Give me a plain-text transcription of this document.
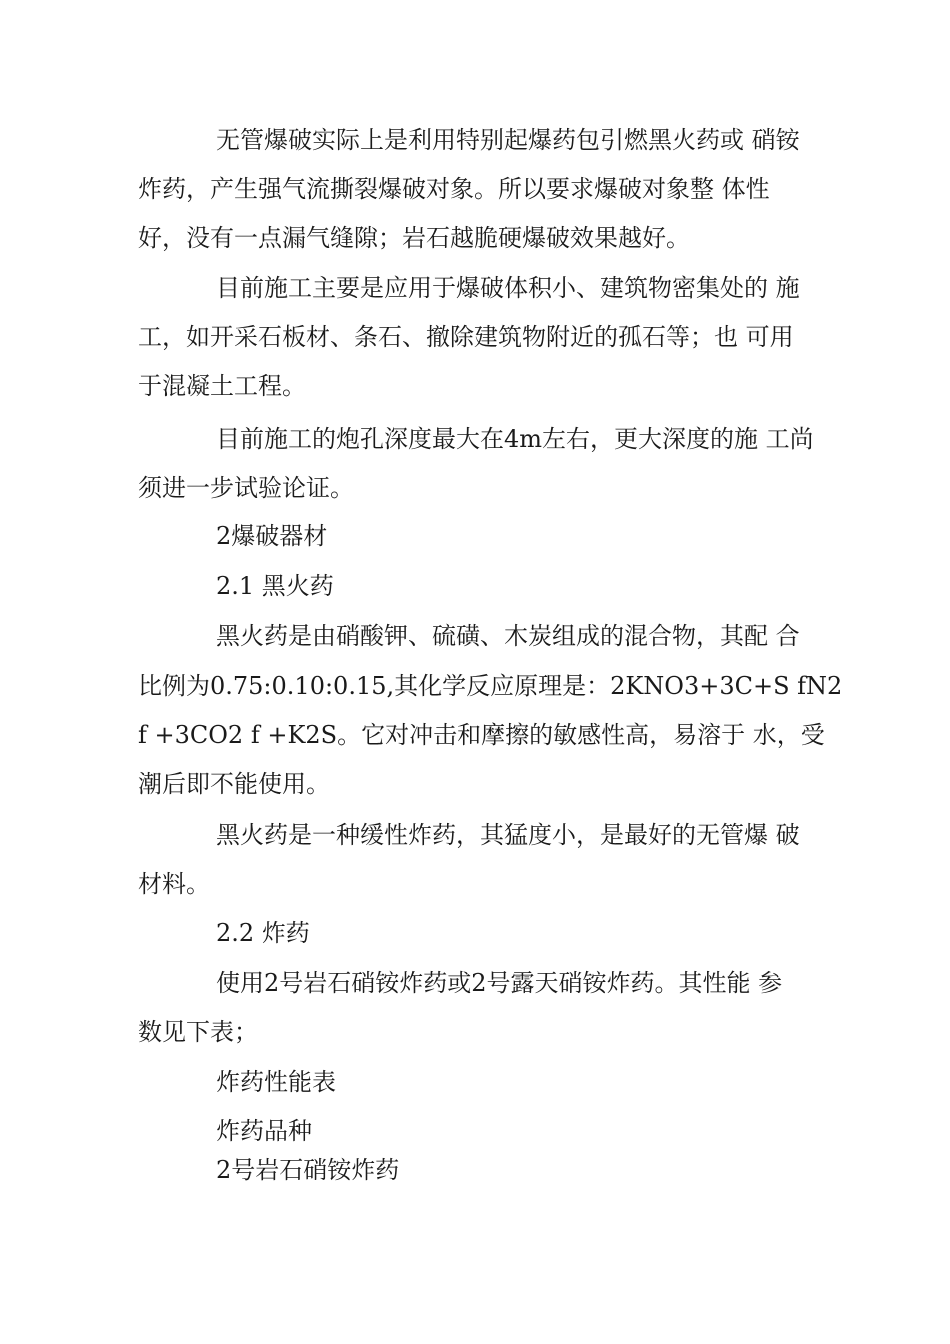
无管爆破实际上是利用特别起爆药包引燃黑火药或 硝铵
炸药，产生强气流撕裂爆破对象。所以要求爆破对象整 体性
好，没有一点漏气缝隙；岩石越脆硬爆破效果越好。
目前施工主要是应用于爆破体积小、建筑物密集处的 施
工，如开采石板材、条石、撤除建筑物附近的孤石等；也 可用
于混凝土工程。
目前施工的炮孔深度最大在4m左右，更大深度的施 工尚
须进一步试验论证。
2爆破器材
2.1 黑火药
黑火药是由硝酸钾、硫磺、木炭组成的混合物，其配 合
比例为0.75:0.10:0.15,其化学反应原理是：2KNO3+3C+S fN2
f +3CO2 f +K2S。它对冲击和摩擦的敏感性高，易溶于 水，受
潮后即不能使用。
黑火药是一种缓性炸药，其猛度小，是最好的无管爆 破
材料。
2.2 炸药
使用2号岩石硝铵炸药或2号露天硝铵炸药。其性能 参
数见下表；
炸药性能表
炸药品种
2号岩石硝铵炸药
